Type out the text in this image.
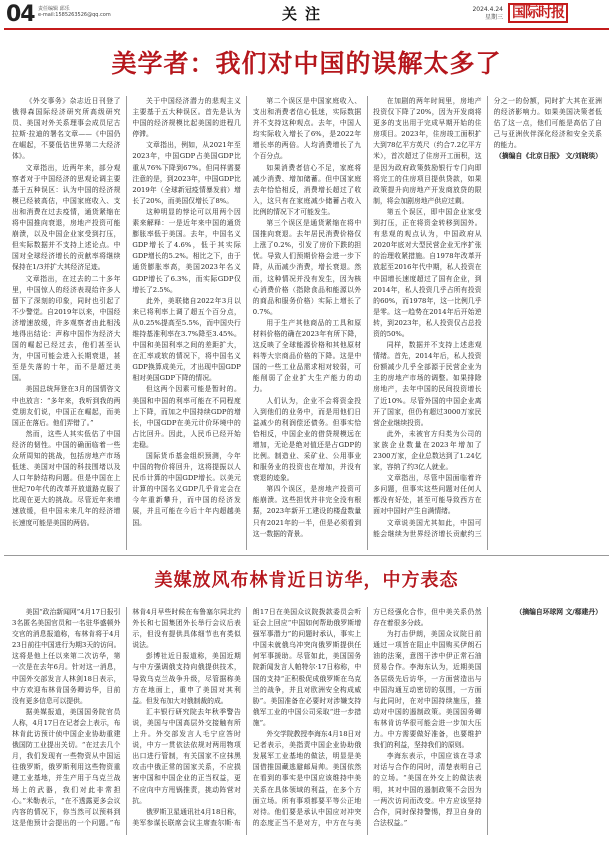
04 责任编辑 邱乐
e-mail:1585263526@qq.com	关注	2024.4.24
星期三 国际时报
美学者：我们对中国的误解太多了

《外交事务》杂志近日刊登了俄得森国际经济研究所高级研究员、美国对外关系理事会成员尼古拉斯·拉迪的署名文章——《中国仍在崛起，不要低估世界第二大经济体》。

文章指出，近两年来，部分观察者对于中国经济的思观论调主要基于五种误区：认为中国的经济规模已经被高估，中国家庭收入、支出和消费在过去疫情，通货紧缩在将中国推向衰退，房地产投资可能崩溃，以及中国企业家受到打压，但实际数据并不支持上述论点。中国对全球经济增长的贡献率将继续保持在1/3并扩大其经济足迹。

文章指出，在过去的二十多年里，中国惊人的经济表现给许多人留下了深刻的印象，同时也引起了不少警觉。自2019年以来，中国经济增速放缓，许多观察者由此相浅地得出结论：声称中国作为经济大国的崛起已经过去，他们甚至认为，中国可能会进入长期衰退，甚至是失落的十年，而不是超过美国。

美国总统拜登在3月的国情咨文中也放言：“多年来，我听到我的两党朋友们说，中国正在崛起，而美国正在落后。他们弄错了。”

然而，这些人其实低估了中国经济的韧性。中国的确面临着一些众所周知的挑战，包括房地产市场低迷、美国对中国的科技围堵以及人口年龄结构问题。但是中国在上世纪70年代的改革开放道路克服了比现在更大的挑战。尽管近年来增速放缓，但中国未来几年的经济增长速度可能是美国的两倍。

关于中国经济潜力的悲观主义主要基于五大种误区。首先是认为中国的经济规模比起美国的进程几停滞。

文章指出，例如，从2021年至2023年，中国GDP占美国GDP比重从76%下降到67%。但同样需要注意的是，到2023年，中国GDP比2019年（全球新冠疫情暴发前）增长了20%，而美国仅增长了8%。

这种明显的悖论可以用两个因素来解释：一是近年来中国的通货膨胀率低于美国。去年，中国名义GDP增长了4.6%，低于其实际GDP增长的5.2%。相比之下，由于通货膨胀率高，美国2023年名义GDP增长了6.3%，而实际GDP仅增长了2.5%。

此外，美联储自2022年3月以来已将利率上调了超五个百分点，从0.25%提高至5.5%，而中国央行维持基准利率在3.7%降至3.45%。中国和美国利率之间的差距扩大，在汇率或软的情况下，将中国名义GDP换算成美元，才出现中国GDP相对美国GDP下降的情况。

但这两个因素可能是暂时的。美国和中国的利率可能在不同程度上下降，而加之中国持续GDP的增长，中国GDP在美元计价环境中的占比回升。因此，人民币已经开始走稳。

国际货币基金组织预测，今年中国的物价将回升，这将提振以人民币计算的中国GDP增长。以美元计算的中国名义GDP几乎肯定会在今年重新攀升，而中国的经济发展，并且可能在今后十年内超越美国。

第二个误区是中国家庭收入、支出和消费者信心低迷，实际数据并不支持这种观点。去年，中国人均实际收入增长了6%，是2022年增长率的两倍。人均消费增长了九个百分点。

如果消费者信心不足，家庭将减少消费、增加储蓄。但中国家庭去年恰恰相反，消费增长超过了收入，这只有在家庭减少储蓄占收入比例的情况下才可能发生。

第三个误区是通货紧缩在将中国推向衰退。去年居民消费价格仅上涨了0.2%，引发了房价下跌的担忧。导致人们预期价格会进一步下降，从而减少消费，增长衰退。然而，这种情况并没有发生，因为核心消费价格（指除食品和能源以外的商品和服务价格）实际上增长了0.7%。

用于生产其他商品的工具和原材料价格的确在2023年有所下降，这反映了全球能源价格和其他原材料等大宗商品价格的下降。这是中国的一些工业品需求相对较弱，可能削弱了企业扩大生产能力的动力。

人们认为，企业不会将资金投入到他们的业务中，而是用他们日益减少的利润偿还债务。但事实恰恰相反，中国企业的借贷规模远在增加，无论是绝对值还是占GDP的比例。制造业、采矿业、公用事业和服务业的投资也在增加，并没有衰退的迹象。

第四个误区，是房地产投资可能崩溃。这些担忧并非完全没有根据，2023年新开工建设的楼盘数量只有2021年的一半，但是必须看到这一数据的背景。

在加剧的两年时间里，房地产投资仅下降了20%，因为开发商将更多的支出用于完成早期开始的住房项目。2023年，住房竣工面积扩大到78亿平方英尺（约合7.2亿平方米），首次超过了住房开工面积，这是因为政府政策鼓励银行专门向即将完工的住房项目提供贷款，如果政策提升向房地产开发商放贷的限制，将会加剧房地产供应过剩。

第五个误区，即中国企业家受到打压，正在将资金转移到国外。有悲观的观点认为，中国政府从2020年底对大型民营企业无序扩张的治理收紧措施。自1978年改革开放起至2016年代中期，私人投资在中国增长速度超过了国有企业，到2014年，私人投资几乎占所有投资的60%，而1978年，这一比例几乎是零。这一趋势在2014年后开始逆转，到2023年，私人投资仅占总投资的50%。

同样，数据并不支持上述悲观情绪。首先，2014年后，私人投资份额减少几乎全部源于民营企业为主的房地产市场的调整。如果排除房地产，去年中国的民间投资增长了近10%。尽管外国的中国企业离开了国家，但仍有超过3000万家民营企业继续投资。

此外，未被官方归类为公司的家族企业数量在2023年增加了2300万家，企业总数达到了1.24亿家，容纳了约3亿人就业。

文章指出，尽管中国面临着许多问题，但事实这些问题对任何人都没有好处，甚至可能导致西方在面对中国时产生自满情绪。

文章说美国尤其如此，中国可能会继续为世界经济增长贡献约三分之一的份额，同时扩大其在亚洲的经济影响力。如果美国决策者低估了这一点，他们可能是高估了自己与亚洲伙伴深化经济和安全关系的能力。

（摘编自《北京日报》 文/刘晓琰）

美媒放风布林肯近日访华，中方表态

美国“政治新闻网”4月17日报引3名匿名美国官员和一名驻华盛顿外交官的消息报道称，布林肯将于4月23日前往中国进行为期3天的访问。这将是他上任以来第二次访华，第一次是在去年6月。针对这一消息，中国外交部发言人林剑18日表示，中方欢迎布林肯国务卿访华，目前没有更多信息可以提供。

据美媒报道，美国国务院官员人称，4月17日在记者会上表示，布林肯此访预计侦中国企业协助重建俄国防工业提出关切。“在过去几个月，我们发现有一些物资从中国运往俄罗斯，俄罗斯利用这些物资重建工业基地，并生产用于乌克兰战场上的武器，我们对此非常担心。”米勒表示，“在不透露更多会议内容的情况下，你当然可以预料到这是他预计会提出的一个问题。”布林肯4月早些时候在布鲁塞尔同北约外长和七国集团外长举行会议后表示，但没有提供具体细节也有类似说法。

彭博社近日报道称，美国近期与中方强调俄支持向俄提供技术，导致乌克兰战争升级，尽管据称美方在地面上，重申了美国对其利益。但发布加大对俄制裁的成。

汇丰银行研究院去年秋季警告说，美国与中国高层外交接触有所上升。外交部发言人毛宁应答时说，中方一贯依法依规对两用物项出口进行管制，有关国家不应抹黑攻击中俄正常的国家关系，不应损害中国和中国企业的正当权益，更不应向中方甩锅推责，挑动阵营对抗。

俄罗斯卫星通讯社4月18日称，美军参谋长联席会议主席查尔斯·布朗17日在美国众议院拨款委员会听证会上回应“中国如何帮助俄罗斯增强军事潜力”的问题时承认，事实上中国未就俄乌冲突向俄罗斯提供任何军事援助。尽管如此，美国国务院新闻发言人帕特尔·17日称称，中国的支持“正积极促成俄罗斯在乌克兰的战争，并且对欧洲安全构成威胁”。美国准备在必要时对涉嫌支持俄军工业的中国公司采取“进一步措施”。

外交学院教授李海东4月18日对记者表示，美指责中国企业协助俄发展军工业基地的做法，明显是美国借推国藏逃避邮局帅。美国依然在看到的事实是中国应该维持中美关系在具体领域的利益，在多个方面立场。所有事项都要平等公正地对待。他们要是承认中国应对冲突的态度正当不是对方，中方在与美方已经强化合作，但中美关系仍然存在着很多分歧。

为打击伊朗，美国众议院日前通过一项旨在阻止中国购买伊朗石油的法案，意图干涉中伊正常石油贸易合作。李海东认为，近期美国各层级先后访华，一方面营造出与中国沟通互动密切的氛围，一方面与此同时，在对中国持续施压，推动对中国的遏制政策。美国国务卿布林肯访华很可能会进一步加大压力。中方需要做好准备，也要维护我们的利益，坚持我们的原则。

李海东表示，中国应该在寻求对话与合作的同时，清楚表明自己的立场。“美国在外交上的做法表明，其对中国的遏制政策不会因为一两次访问而改变。中方应该坚持合作，同时保持警惕，捍卫自身的合法权益。”

（摘编自环球网 文/郗建丹）
